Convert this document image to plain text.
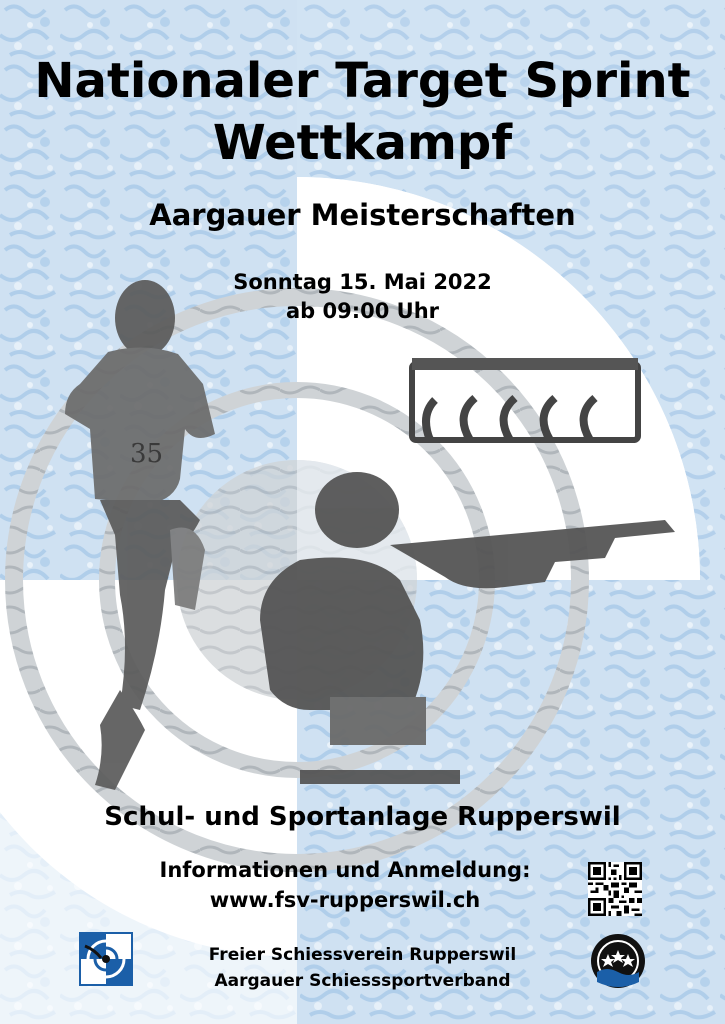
35
Nationaler Target Sprint
Wettkampf
Aargauer Meisterschaften
Sonntag 15. Mai 2022
ab 09:00 Uhr
Schul- und Sportanlage Rupperswil
Informationen und Anmeldung:
www.fsv-rupperswil.ch
Freier Schiessverein Rupperswil
Aargauer Schiesssportverband
